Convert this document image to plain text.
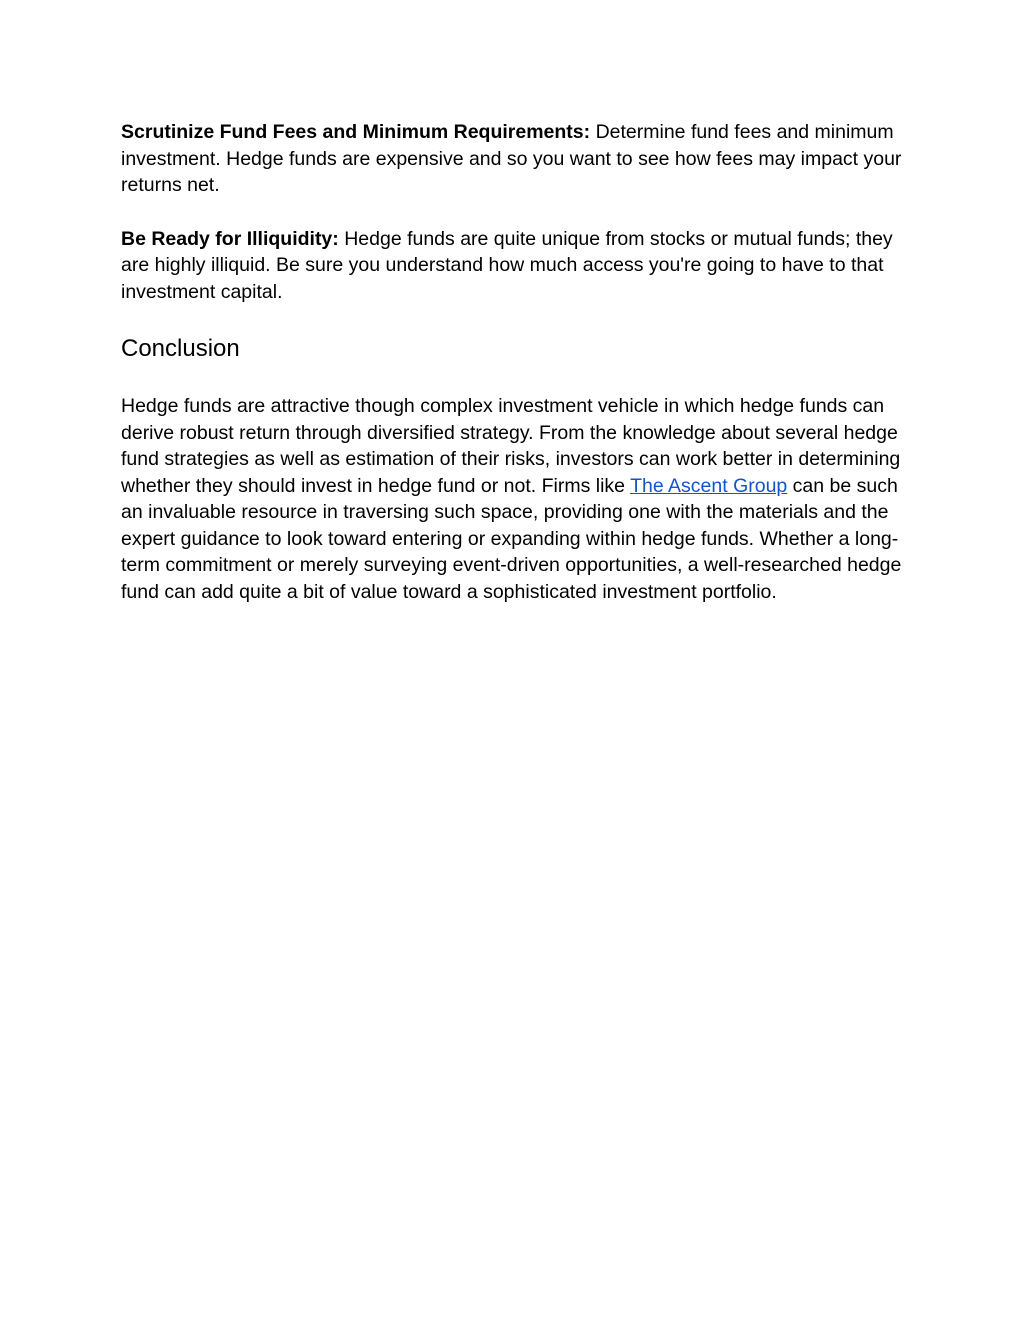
Scrutinize Fund Fees and Minimum Requirements: Determine fund fees and minimum investment. Hedge funds are expensive and so you want to see how fees may impact your returns net.

Be Ready for Illiquidity: Hedge funds are quite unique from stocks or mutual funds; they are highly illiquid. Be sure you understand how much access you're going to have to that investment capital.

Conclusion

Hedge funds are attractive though complex investment vehicle in which hedge funds can derive robust return through diversified strategy. From the knowledge about several hedge fund strategies as well as estimation of their risks, investors can work better in determining whether they should invest in hedge fund or not. Firms like The Ascent Group can be such an invaluable resource in traversing such space, providing one with the materials and the expert guidance to look toward entering or expanding within hedge funds. Whether a long-term commitment or merely surveying event-driven opportunities, a well-researched hedge fund can add quite a bit of value toward a sophisticated investment portfolio.
